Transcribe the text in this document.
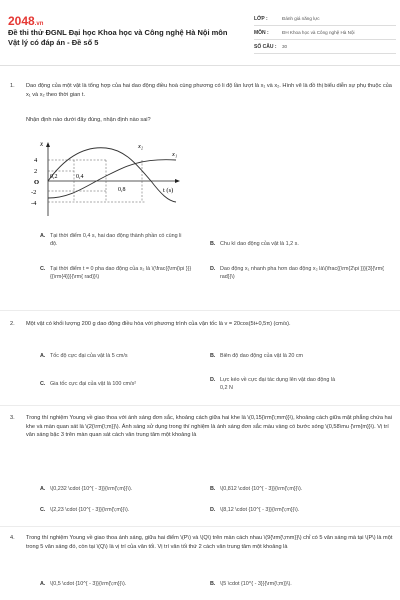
2048.vn
Đề thi thử ĐGNL Đại học Khoa học và Công nghệ Hà Nội môn Vật lý có đáp án - Đề số 5
LỚP :	Đánh giá năng lực
MÔN :	ĐH Khoa học và Công nghệ Hà Nội
SỐ CÂU :	30
1.	Dao động của một vật là tổng hợp của hai dao động điều hoà cùng phương có li độ lần lượt là x₁ và x₂. Hình vẽ là đồ thị biểu diễn sự phụ thuộc của x₁ và x₂ theo thời gian t.
Nhận định nào dưới đây đúng, nhận định nào sai?
x
4
2
O
-2
-4
0,2	0,4
0,8
x₂
x₁
t (s)
A. Tại thời điểm 0,4 s, hai dao động thành phần có cùng li độ.	B. Chu kì dao động của vật là 1,2 s.
C. Tại thời điểm t = 0 pha dao động của x₂ là \(\frac{{\rm{\pi }}}{{\rm{4}}}{\rm{ rad}}\)
D. Dao động x₁ nhanh pha hơn dao động x₂ là\(\frac{{\rm{2\pi }}}{3}{\rm{ rad}}\)
2.	Một vật có khối lượng 200 g dao động điều hòa với phương trình của vận tốc là v = 20cos(5t+0,5π) (cm/s).
A. Tốc độ cực đại của vật là 5 cm/s	B. Biên độ dao động của vật là 20 cm
C. Gia tốc cực đại của vật là 100 cm/s²
D. Lực kéo về cực đại tác dụng lên vật dao động là 0,2 N
3.	Trong thí nghiệm Young về giao thoa với ánh sáng đơn sắc, khoảng cách giữa hai khe là \(0,15{\rm{\;mm}}\), khoảng cách giữa mặt phẳng chứa hai khe và màn quan sát là \(2{\rm{\;m}}\). Ánh sáng sử dụng trong thí nghiệm là ánh sáng đơn sắc màu vàng có bước sóng \(0,58\mu {\rm{m}}\). Vị trí vân sáng bậc 3 trên màn quan sát cách vân trung tâm một khoảng là
A. \(0,232 \cdot {10^{ - 3}}{\rm{\;m}}\).	B. \(0,812 \cdot {10^{ - 3}}{\rm{\;m}}\).
C. \(2,23 \cdot {10^{ - 3}}{\rm{\;m}}\).	D. \(8,12 \cdot {10^{ - 3}}{\rm{\;m}}\).
4.	Trong thí nghiệm Young về giao thoa ánh sáng, giữa hai điểm \(P\) và \(Q\) trên màn cách nhau \(9{\rm{\;mm}}\) chỉ có 5 vân sáng mà tại \(P\) là một trong 5 vân sáng đó, còn tại \(Q\) là vị trí của vân tối. Vị trí vân tối thứ 2 cách vân trung tâm một khoảng là
A. \(0,5 \cdot {10^{ - 3}}{\rm{\;m}}\).	B. \(5 \cdot {10^{ - 3}}{\rm{\;m}}\).
